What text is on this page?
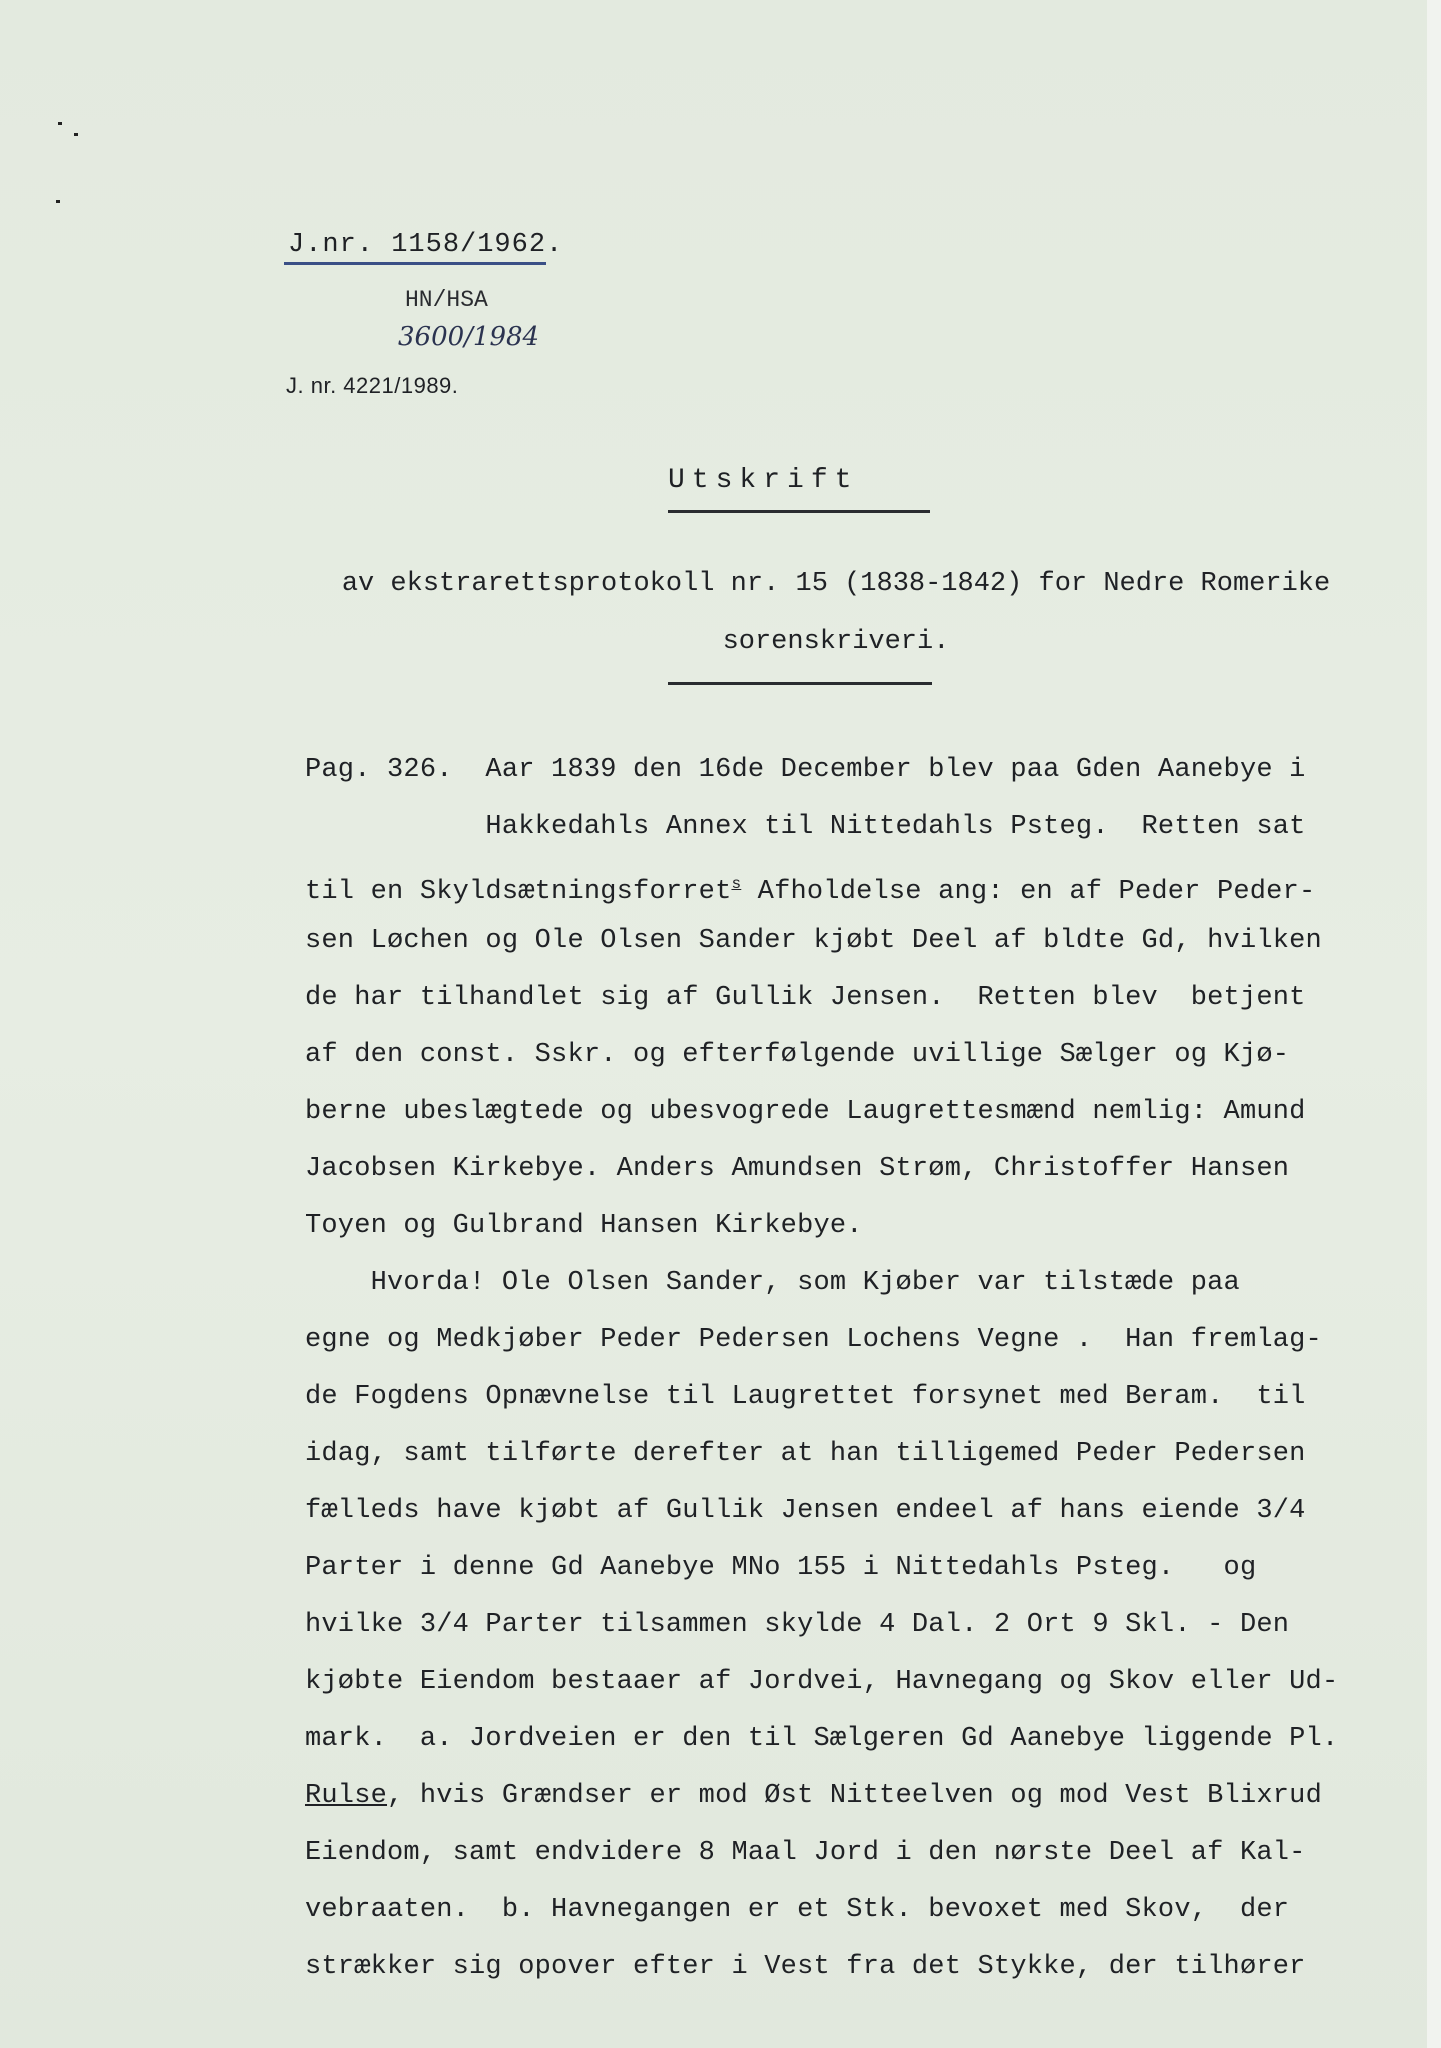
J.nr. 1158/1962.
HN/HSA
3600/1984
J. nr. 4221/1989.
Utskrift
av ekstrarettsprotokoll nr. 15 (1838-1842) for Nedre Romerike
sorenskriveri.
Pag. 326.  Aar 1839 den 16de December blev paa Gden Aanebye i
Hakkedahls Annex til Nittedahls Psteg.  Retten sat
til en Skyldsætningsforret$^s$ Afholdelse ang: en af Peder Peder-
sen Løchen og Ole Olsen Sander kjøbt Deel af bldte Gd, hvilken
de har tilhandlet sig af Gullik Jensen.  Retten blev  betjent
af den const. Sskr. og efterfølgende uvillige Sælger og Kjø-
berne ubeslægtede og ubesvogrede Laugrettesmænd nemlig: Amund
Jacobsen Kirkebye. Anders Amundsen Strøm, Christoffer Hansen
Toyen og Gulbrand Hansen Kirkebye.
Hvorda! Ole Olsen Sander, som Kjøber var tilstæde paa
egne og Medkjøber Peder Pedersen Lochens Vegne .  Han fremlag-
de Fogdens Opnævnelse til Laugrettet forsynet med Beram.  til
idag, samt tilførte derefter at han tilligemed Peder Pedersen
fælleds have kjøbt af Gullik Jensen endeel af hans eiende 3/4
Parter i denne Gd Aanebye MNo 155 i Nittedahls Psteg.   og
hvilke 3/4 Parter tilsammen skylde 4 Dal. 2 Ort 9 Skl. - Den
kjøbte Eiendom bestaaer af Jordvei, Havnegang og Skov eller Ud-
mark.  a. Jordveien er den til Sælgeren Gd Aanebye liggende Pl.
Rulse, hvis Grændser er mod Øst Nitteelven og mod Vest Blixrud
Eiendom, samt endvidere 8 Maal Jord i den nørste Deel af Kal-
vebraaten.  b. Havnegangen er et Stk. bevoxet med Skov,  der
strækker sig opover efter i Vest fra det Stykke, der tilhører
